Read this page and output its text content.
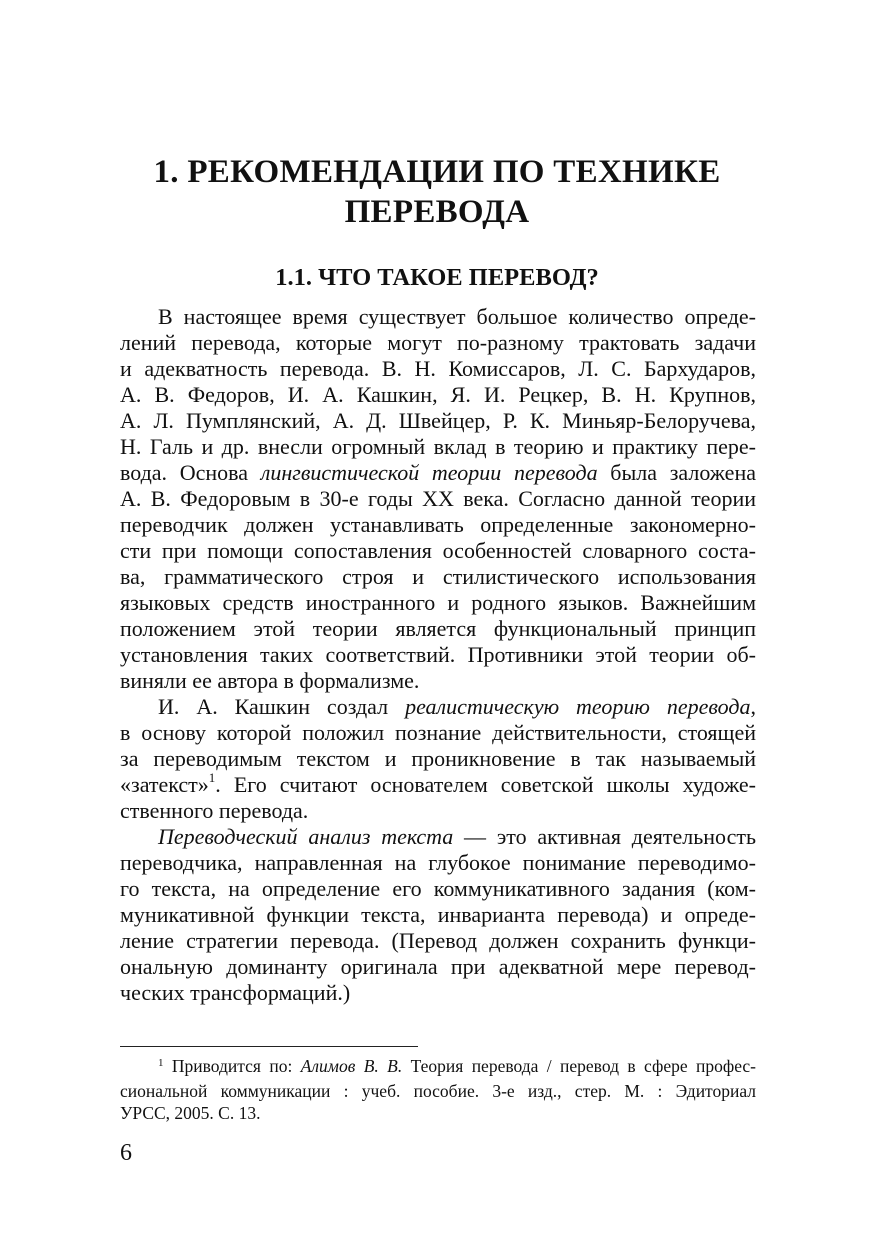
1. РЕКОМЕНДАЦИИ ПО ТЕХНИКЕ
ПЕРЕВОДА
1.1. ЧТО ТАКОЕ ПЕРЕВОД?
В настоящее время существует большое количество опреде-
лений перевода, которые могут по-разному трактовать задачи
и адекватность перевода. В. Н. Комиссаров, Л. С. Бархударов,
А. В. Федоров, И. А. Кашкин, Я. И. Рецкер, В. Н. Крупнов,
А. Л. Пумплянский, А. Д. Швейцер, Р. К. Миньяр-Белоручева,
Н. Галь и др. внесли огромный вклад в теорию и практику пере-
вода. Основа лингвистической теории перевода была заложена
А. В. Федоровым в 30-е годы XX века. Согласно данной теории
переводчик должен устанавливать определенные закономерно-
сти при помощи сопоставления особенностей словарного соста-
ва, грамматического строя и стилистического использования
языковых средств иностранного и родного языков. Важнейшим
положением этой теории является функциональный принцип
установления таких соответствий. Противники этой теории об-
виняли ее автора в формализме.
И. А. Кашкин создал реалистическую теорию перевода,
в основу которой положил познание действительности, стоящей
за переводимым текстом и проникновение в так называемый
«затекст»$^1$. Его считают основателем советской школы художе-
ственного перевода.
Переводческий анализ текста — это активная деятельность
переводчика, направленная на глубокое понимание переводимо-
го текста, на определение его коммуникативного задания (ком-
муникативной функции текста, инварианта перевода) и опреде-
ление стратегии перевода. (Перевод должен сохранить функци-
ональную доминанту оригинала при адекватной мере перевод-
ческих трансформаций.)
$^1$ Приводится по: Алимов В. В. Теория перевода / перевод в сфере профес-
сиональной коммуникации : учеб. пособие. 3-е изд., стер. М. : Эдиториал
УРСС, 2005. С. 13.
6
